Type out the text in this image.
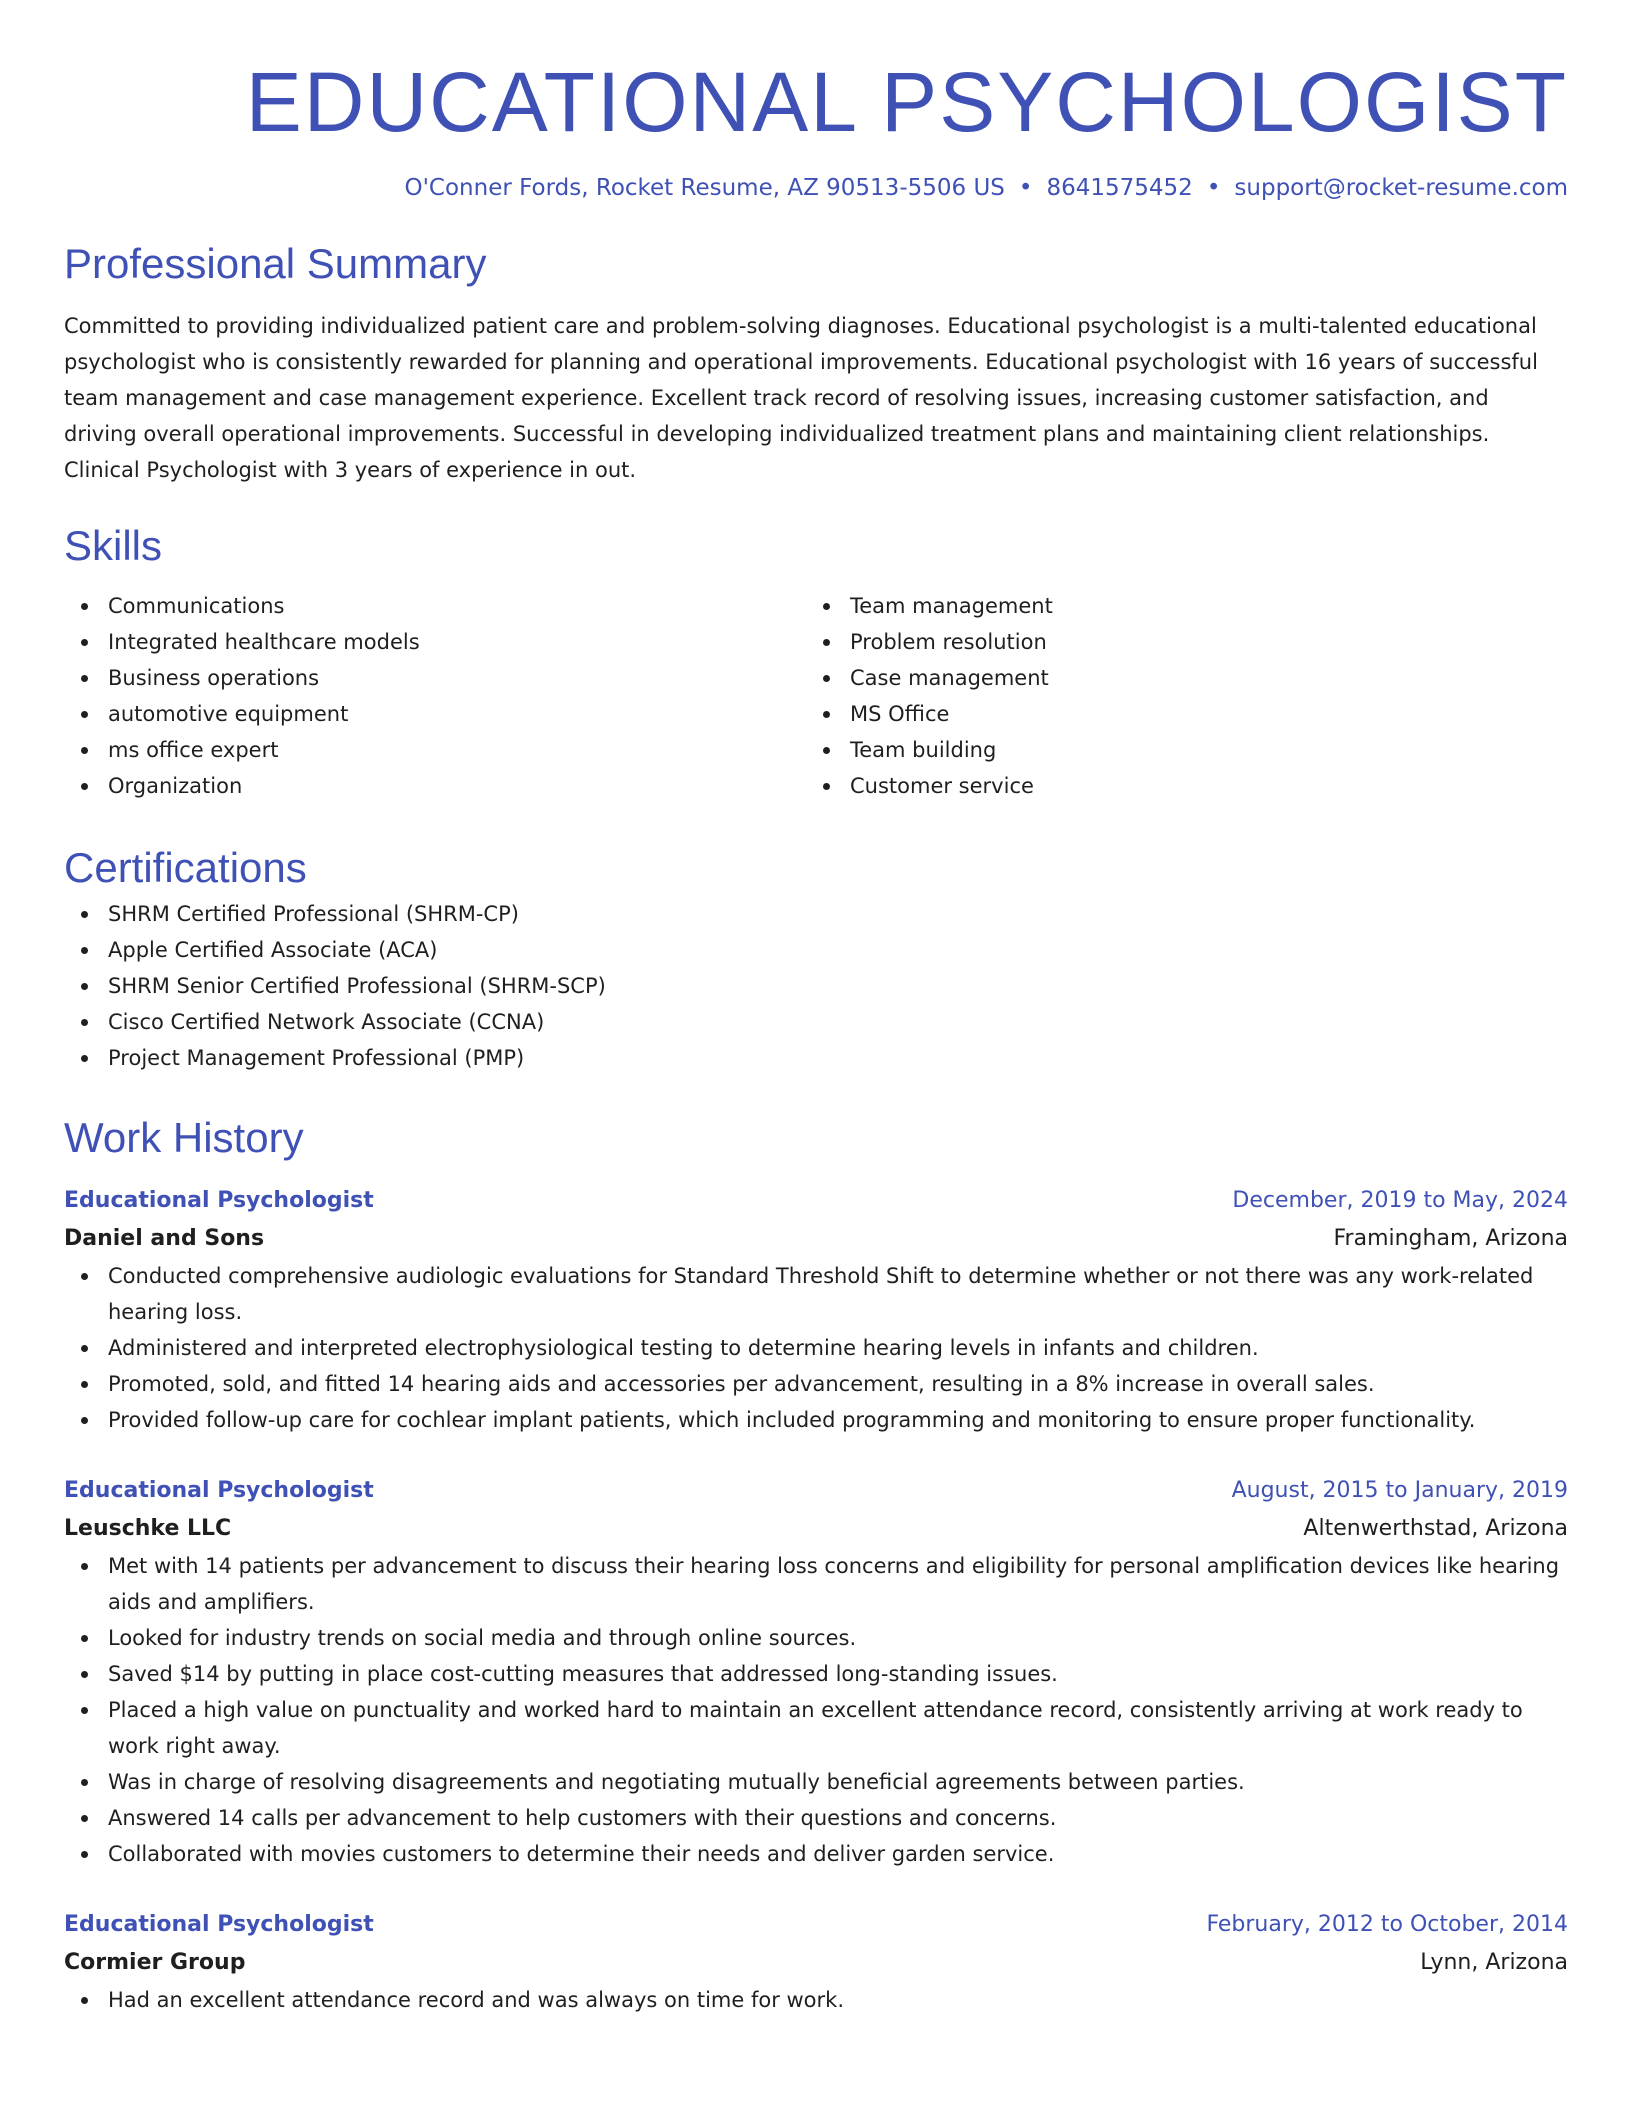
EDUCATIONAL PSYCHOLOGIST
O'Conner Fords, Rocket Resume, AZ 90513-5506 US • 8641575452 • support@rocket-resume.com
Professional Summary
Committed to providing individualized patient care and problem-solving diagnoses. Educational psychologist is a multi-talented educational psychologist who is consistently rewarded for planning and operational improvements. Educational psychologist with 16 years of successful team management and case management experience. Excellent track record of resolving issues, increasing customer satisfaction, and driving overall operational improvements. Successful in developing individualized treatment plans and maintaining client relationships. Clinical Psychologist with 3 years of experience in out.
Skills
Communications
Integrated healthcare models
Business operations
automotive equipment
ms office expert
Organization
Team management
Problem resolution
Case management
MS Office
Team building
Customer service
Certifications
SHRM Certified Professional (SHRM-CP)
Apple Certified Associate (ACA)
SHRM Senior Certified Professional (SHRM-SCP)
Cisco Certified Network Associate (CCNA)
Project Management Professional (PMP)
Work History
Educational Psychologist	December, 2019 to May, 2024
Daniel and Sons	Framingham, Arizona
Conducted comprehensive audiologic evaluations for Standard Threshold Shift to determine whether or not there was any work-related hearing loss.
Administered and interpreted electrophysiological testing to determine hearing levels in infants and children.
Promoted, sold, and fitted 14 hearing aids and accessories per advancement, resulting in a 8% increase in overall sales.
Provided follow-up care for cochlear implant patients, which included programming and monitoring to ensure proper functionality.
Educational Psychologist	August, 2015 to January, 2019
Leuschke LLC	Altenwerthstad, Arizona
Met with 14 patients per advancement to discuss their hearing loss concerns and eligibility for personal amplification devices like hearing aids and amplifiers.
Looked for industry trends on social media and through online sources.
Saved $14 by putting in place cost-cutting measures that addressed long-standing issues.
Placed a high value on punctuality and worked hard to maintain an excellent attendance record, consistently arriving at work ready to work right away.
Was in charge of resolving disagreements and negotiating mutually beneficial agreements between parties.
Answered 14 calls per advancement to help customers with their questions and concerns.
Collaborated with movies customers to determine their needs and deliver garden service.
Educational Psychologist	February, 2012 to October, 2014
Cormier Group	Lynn, Arizona
Had an excellent attendance record and was always on time for work.
